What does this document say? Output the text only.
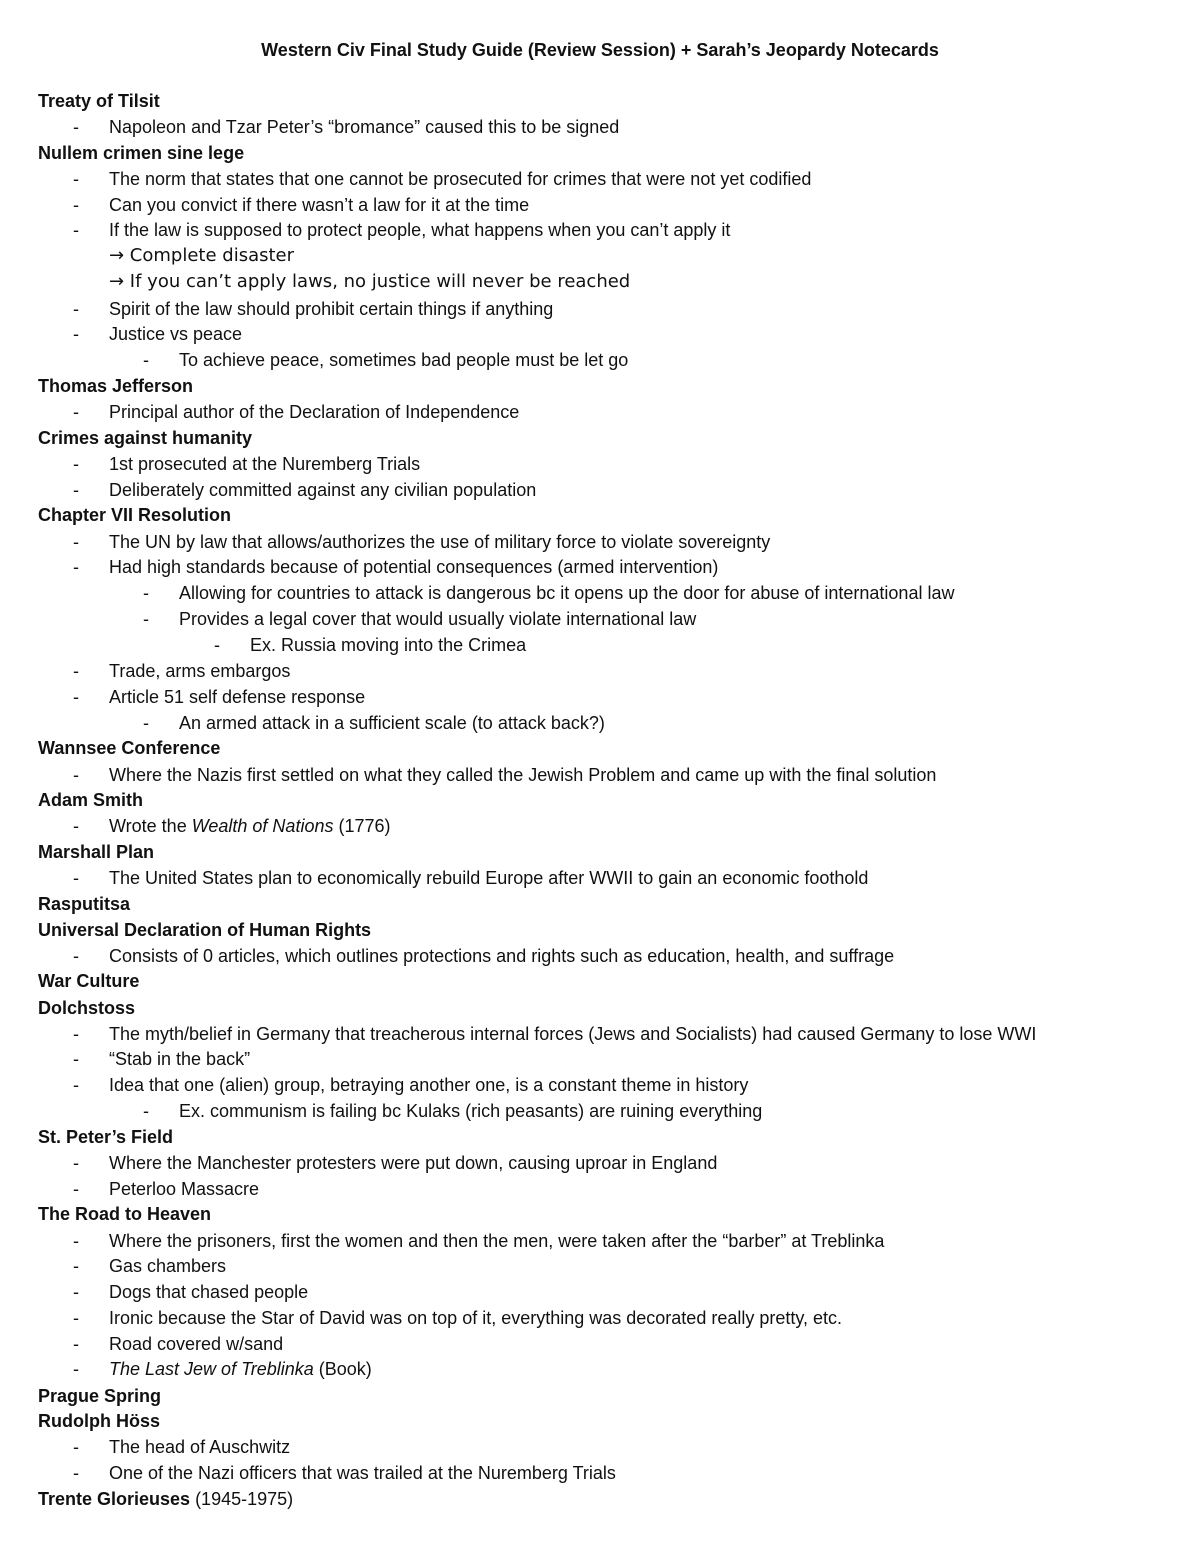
Western Civ Final Study Guide (Review Session) + Sarah’s Jeopardy Notecards
Treaty of Tilsit
- Napoleon and Tzar Peter’s “bromance” caused this to be signed
Nullem crimen sine lege
- The norm that states that one cannot be prosecuted for crimes that were not yet codified
- Can you convict if there wasn’t a law for it at the time
- If the law is supposed to protect people, what happens when you can’t apply it
→ Complete disaster
→ If you can’t apply laws, no justice will never be reached
- Spirit of the law should prohibit certain things if anything
- Justice vs peace
- To achieve peace, sometimes bad people must be let go
Thomas Jefferson
- Principal author of the Declaration of Independence
Crimes against humanity
- 1st prosecuted at the Nuremberg Trials
- Deliberately committed against any civilian population
Chapter VII Resolution
- The UN by law that allows/authorizes the use of military force to violate sovereignty
- Had high standards because of potential consequences (armed intervention)
- Allowing for countries to attack is dangerous bc it opens up the door for abuse of international law
- Provides a legal cover that would usually violate international law
- Ex. Russia moving into the Crimea
- Trade, arms embargos
- Article 51 self defense response
- An armed attack in a sufficient scale (to attack back?)
Wannsee Conference
- Where the Nazis first settled on what they called the Jewish Problem and came up with the final solution
Adam Smith
- Wrote the Wealth of Nations (1776)
Marshall Plan
- The United States plan to economically rebuild Europe after WWII to gain an economic foothold
Rasputitsa
Universal Declaration of Human Rights
- Consists of 0 articles, which outlines protections and rights such as education, health, and suffrage
War Culture
Dolchstoss
- The myth/belief in Germany that treacherous internal forces (Jews and Socialists) had caused Germany to lose WWI
- “Stab in the back”
- Idea that one (alien) group, betraying another one, is a constant theme in history
- Ex. communism is failing bc Kulaks (rich peasants) are ruining everything
St. Peter’s Field
- Where the Manchester protesters were put down, causing uproar in England
- Peterloo Massacre
The Road to Heaven
- Where the prisoners, first the women and then the men, were taken after the “barber” at Treblinka
- Gas chambers
- Dogs that chased people
- Ironic because the Star of David was on top of it, everything was decorated really pretty, etc.
- Road covered w/sand
- The Last Jew of Treblinka (Book)
Prague Spring
Rudolph Höss
- The head of Auschwitz
- One of the Nazi officers that was trailed at the Nuremberg Trials
Trente Glorieuses (1945-1975)
